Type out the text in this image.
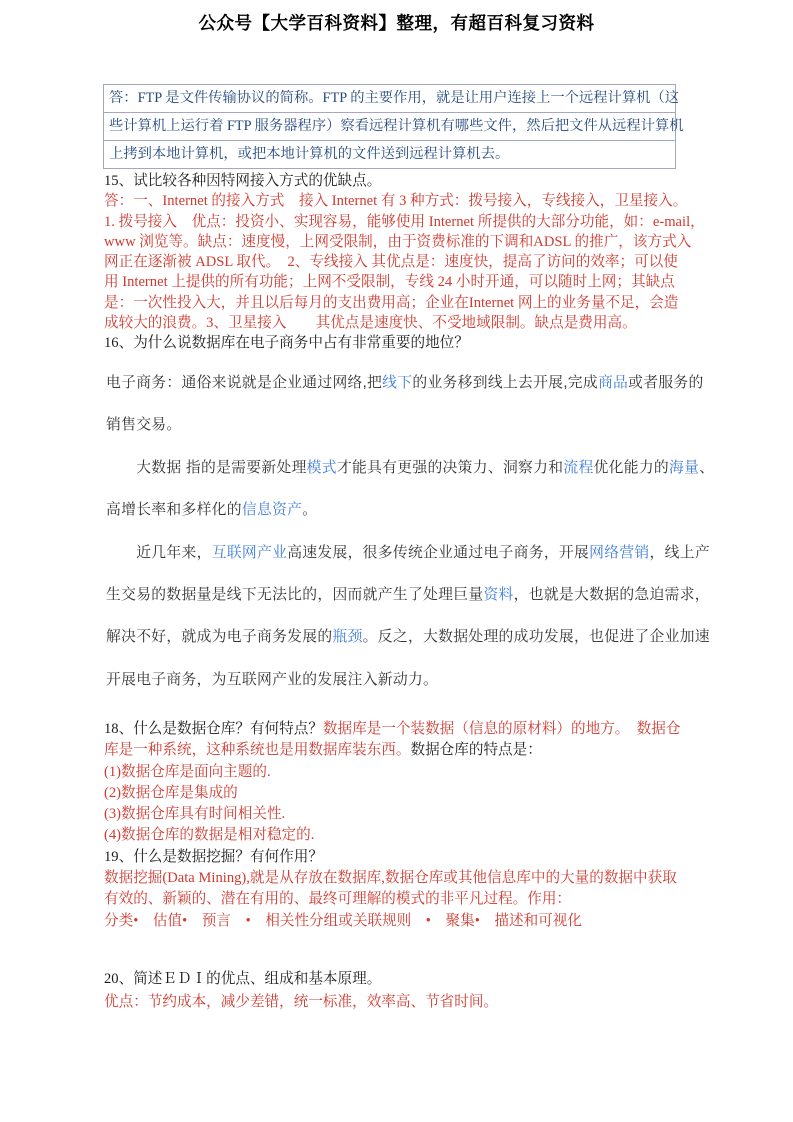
公众号【大学百科资料】整理，有超百科复习资料
答：FTP 是文件传输协议的简称。FTP 的主要作用，就是让用户连接上一个远程计算机（这
些计算机上运行着 FTP 服务器程序）察看远程计算机有哪些文件，然后把文件从远程计算机
上拷到本地计算机，或把本地计算机的文件送到远程计算机去。
15、试比较各种因特网接入方式的优缺点。
答：一、Internet 的接入方式　接入 Internet 有 3 种方式：拨号接入，专线接入，卫星接入。
1. 拨号接入　优点：投资小、实现容易，能够使用 Internet 所提供的大部分功能，如：e-mail，
www 浏览等。缺点：速度慢，上网受限制，由于资费标准的下调和ADSL 的推广，该方式入
网正在逐渐被 ADSL 取代。　2、专线接入 其优点是：速度快，提高了访问的效率；可以使
用 Internet 上提供的所有功能；上网不受限制，专线 24 小时开通，可以随时上网；其缺点
是：一次性投入大，并且以后每月的支出费用高；企业在Internet 网上的业务量不足，会造
成较大的浪费。3、卫星接入　　其优点是速度快、不受地域限制。缺点是费用高。
16、为什么说数据库在电子商务中占有非常重要的地位？
电子商务：通俗来说就是企业通过网络,把线下的业务移到线上去开展,完成商品或者服务的
销售交易。
　　大数据 指的是需要新处理模式才能具有更强的决策力、洞察力和流程优化能力的海量、
高增长率和多样化的信息资产。
　　近几年来，互联网产业高速发展，很多传统企业通过电子商务，开展网络营销，线上产
生交易的数据量是线下无法比的，因而就产生了处理巨量资料，也就是大数据的急迫需求，
解决不好，就成为电子商务发展的瓶颈。反之，大数据处理的成功发展，也促进了企业加速
开展电子商务，为互联网产业的发展注入新动力。
18、什么是数据仓库？有何特点？数据库是一个装数据（信息的原材料）的地方。　数据仓
库是一种系统，这种系统也是用数据库装东西。数据仓库的特点是：
(1)数据仓库是面向主题的.
(2)数据仓库是集成的
(3)数据仓库具有时间相关性.
(4)数据仓库的数据是相对稳定的.
19、什么是数据挖掘？有何作用？
数据挖掘(Data Mining),就是从存放在数据库,数据仓库或其他信息库中的大量的数据中获取
有效的、新颖的、潜在有用的、最终可理解的模式的非平凡过程。作用：
分类•　估值•　预言　•　相关性分组或关联规则　•　聚集•　描述和可视化
20、简述ＥＤＩ的优点、组成和基本原理。
优点：节约成本，减少差错，统一标准，效率高、节省时间。
